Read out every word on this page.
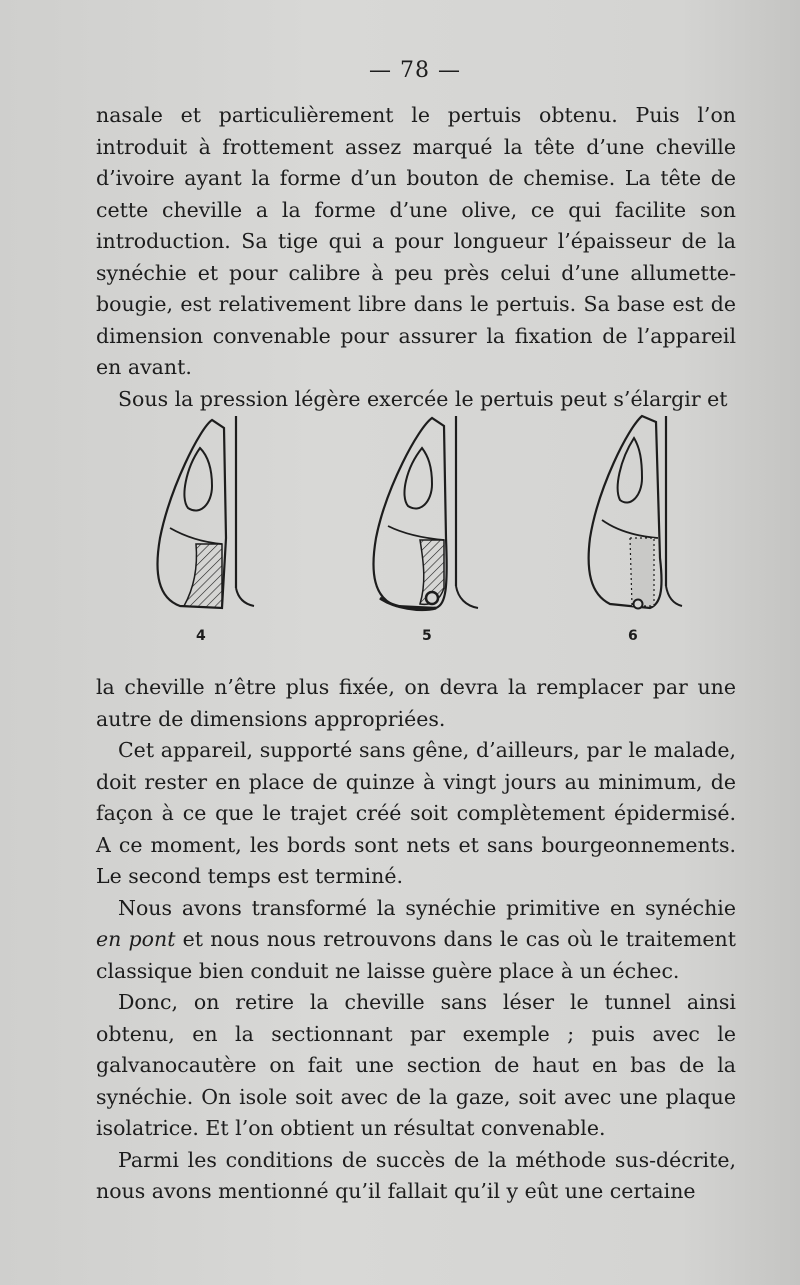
— 78 —

nasale et particulièrement le pertuis obtenu. Puis l’on introduit à frottement assez marqué la tête d’une cheville d’ivoire ayant la forme d’un bouton de chemise. La tête de cette cheville a la forme d’une olive, ce qui facilite son introduction. Sa tige qui a pour longueur l’épaisseur de la synéchie et pour calibre à peu près celui d’une allumette-bougie, est relativement libre dans le pertuis. Sa base est de dimension convenable pour assurer la fixation de l’appareil en avant.

Sous la pression légère exercée le pertuis peut s’élargir et

4	5	6

la cheville n’être plus fixée, on devra la remplacer par une autre de dimensions appropriées.

Cet appareil, supporté sans gêne, d’ailleurs, par le malade, doit rester en place de quinze à vingt jours au minimum, de façon à ce que le trajet créé soit complètement épidermisé. A ce moment, les bords sont nets et sans bourgeonnements. Le second temps est terminé.

Nous avons transformé la synéchie primitive en synéchie en pont et nous nous retrouvons dans le cas où le traitement classique bien conduit ne laisse guère place à un échec.

Donc, on retire la cheville sans léser le tunnel ainsi obtenu, en la sectionnant par exemple ; puis avec le galvanocautère on fait une section de haut en bas de la synéchie. On isole soit avec de la gaze, soit avec une plaque isolatrice. Et l’on obtient un résultat convenable.

Parmi les conditions de succès de la méthode sus-décrite, nous avons mentionné qu’il fallait qu’il y eût une certaine
